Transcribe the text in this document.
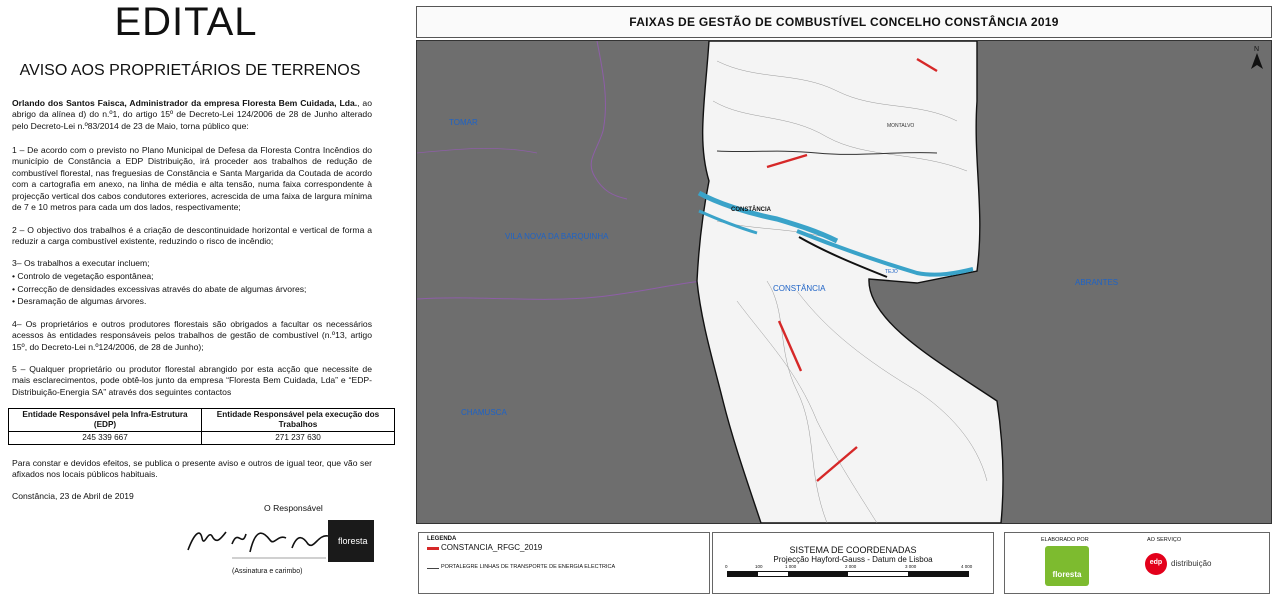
EDITAL
AVISO AOS PROPRIETÁRIOS DE TERRENOS
Orlando dos Santos Faisca, Administrador da empresa Floresta Bem Cuidada, Lda., ao abrigo da alínea d) do n.º1, do artigo 15º de Decreto-Lei 124/2006 de 28 de Junho alterado pelo Decreto-Lei n.º83/2014 de 23 de Maio, torna público que:
1 – De acordo com o previsto no Plano Municipal de Defesa da Floresta Contra Incêndios do município de Constância a EDP Distribuição, irá proceder aos trabalhos de redução de combustível florestal, nas freguesias de Constância e Santa Margarida da Coutada de acordo com a cartografia em anexo, na linha de média e alta tensão, numa faixa correspondente à projecção vertical dos cabos condutores exteriores, acrescida de uma faixa de largura mínima de 7 e 10 metros para cada um dos lados, respectivamente;
2 – O objectivo dos trabalhos é a criação de descontinuidade horizontal e vertical de forma a reduzir a carga combustível existente, reduzindo o risco de incêndio;
3– Os trabalhos a executar incluem;
• Controlo de vegetação espontânea;
• Correcção de densidades excessivas através do abate de algumas árvores;
• Desramação de algumas árvores.
4– Os proprietários e outros produtores florestais são obrigados a facultar os necessários acessos às entidades responsáveis pelos trabalhos de gestão de combustível (n.º13, artigo 15º, do Decreto-Lei n.º124/2006, de 28 de Junho);
5 – Qualquer proprietário ou produtor florestal abrangido por esta acção que necessite de mais esclarecimentos, pode obtê-los junto da empresa “Floresta Bem Cuidada, Lda” e “EDP-Distribuição-Energia SA” através dos seguintes contactos
Entidade Responsável pela Infra-Estrutura (EDP)	Entidade Responsável pela execução dos Trabalhos
245 339 667	271 237 630
Para constar e devidos efeitos, se publica o presente aviso e outros de igual teor, que vão ser afixados nos locais públicos habituais.
Constância, 23 de Abril de 2019
O Responsável
floresta
(Assinatura e carimbo)
FAIXAS DE GESTÃO DE COMBUSTÍVEL CONCELHO CONSTÂNCIA 2019
TOMAR
VILA NOVA DA BARQUINHA
ABRANTES
CHAMUSCA
CONSTÂNCIA
CONSTÂNCIA
MONTALVO
TEJO
N
LEGENDA
CONSTANCIA_RFGC_2019
PORTALEGRE LINHAS DE TRANSPORTE DE ENERGIA ELECTRICA
SISTEMA DE COORDENADAS
Projecção Hayford-Gauss - Datum de Lisboa
0	100	1 000	2 000	3 000	4 000
ELABORADO POR	AO SERVIÇO
floresta
edp	distribuição
